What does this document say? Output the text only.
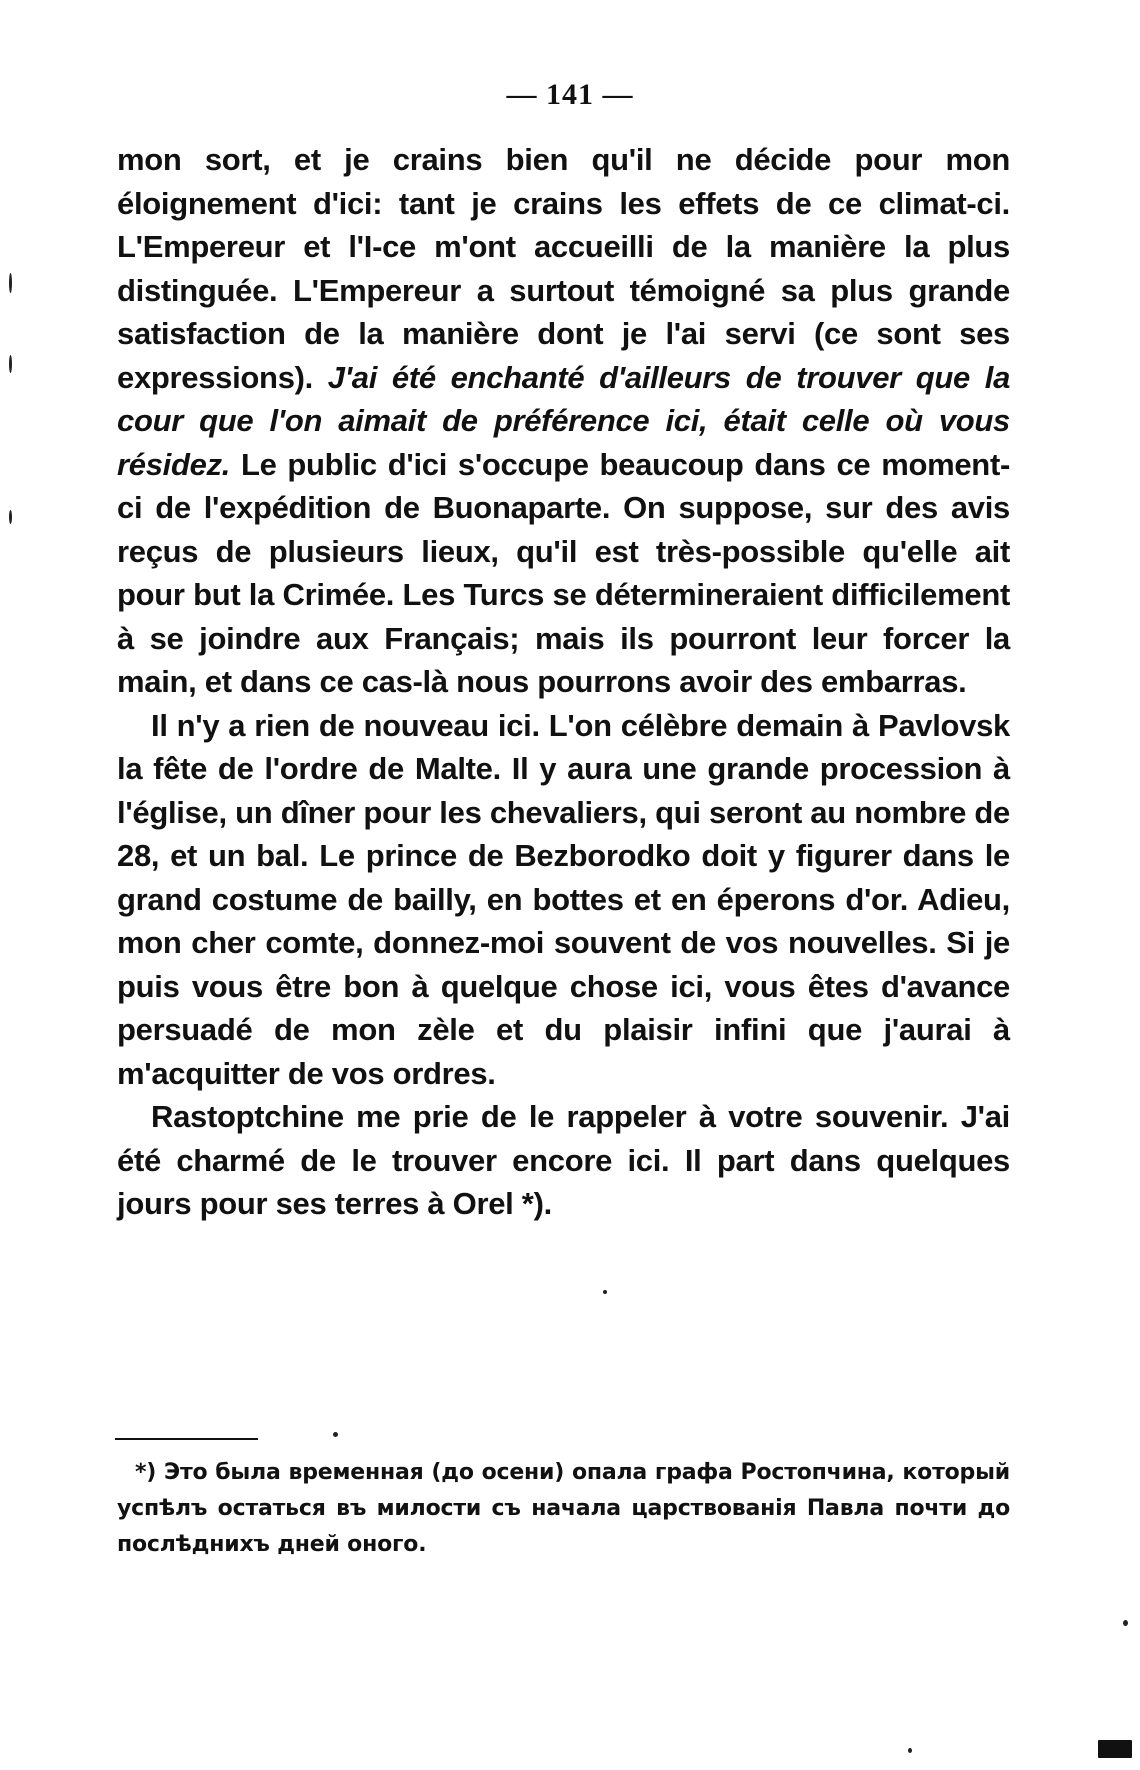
— 141 —

mon sort, et je crains bien qu'il ne décide pour mon éloignement d'ici: tant je crains les effets de ce climat-ci. L'Empereur et l'I-ce m'ont accueilli de la manière la plus distinguée. L'Empereur a surtout témoigné sa plus grande satisfaction de la manière dont je l'ai servi (ce sont ses expressions). J'ai été enchanté d'ailleurs de trouver que la cour que l'on aimait de préférence ici, était celle où vous résidez. Le public d'ici s'occupe beaucoup dans ce moment-ci de l'expédition de Buonaparte. On suppose, sur des avis reçus de plusieurs lieux, qu'il est très-possible qu'elle ait pour but la Crimée. Les Turcs se détermineraient difficilement à se joindre aux Français; mais ils pourront leur forcer la main, et dans ce cas-là nous pourrons avoir des embarras.

Il n'y a rien de nouveau ici. L'on célèbre demain à Pavlovsk la fête de l'ordre de Malte. Il y aura une grande procession à l'église, un dîner pour les chevaliers, qui seront au nombre de 28, et un bal. Le prince de Bezborodko doit y figurer dans le grand costume de bailly, en bottes et en éperons d'or. Adieu, mon cher comte, donnez-moi souvent de vos nouvelles. Si je puis vous être bon à quelque chose ici, vous êtes d'avance persuadé de mon zèle et du plaisir infini que j'aurai à m'acquitter de vos ordres.

Rastoptchine me prie de le rappeler à votre souvenir. J'ai été charmé de le trouver encore ici. Il part dans quelques jours pour ses terres à Orel *).

*) Это была временная (до осени) опала графа Ростопчина, который успѣлъ остаться въ милости съ начала царствованія Павла почти до послѣднихъ дней оного.
